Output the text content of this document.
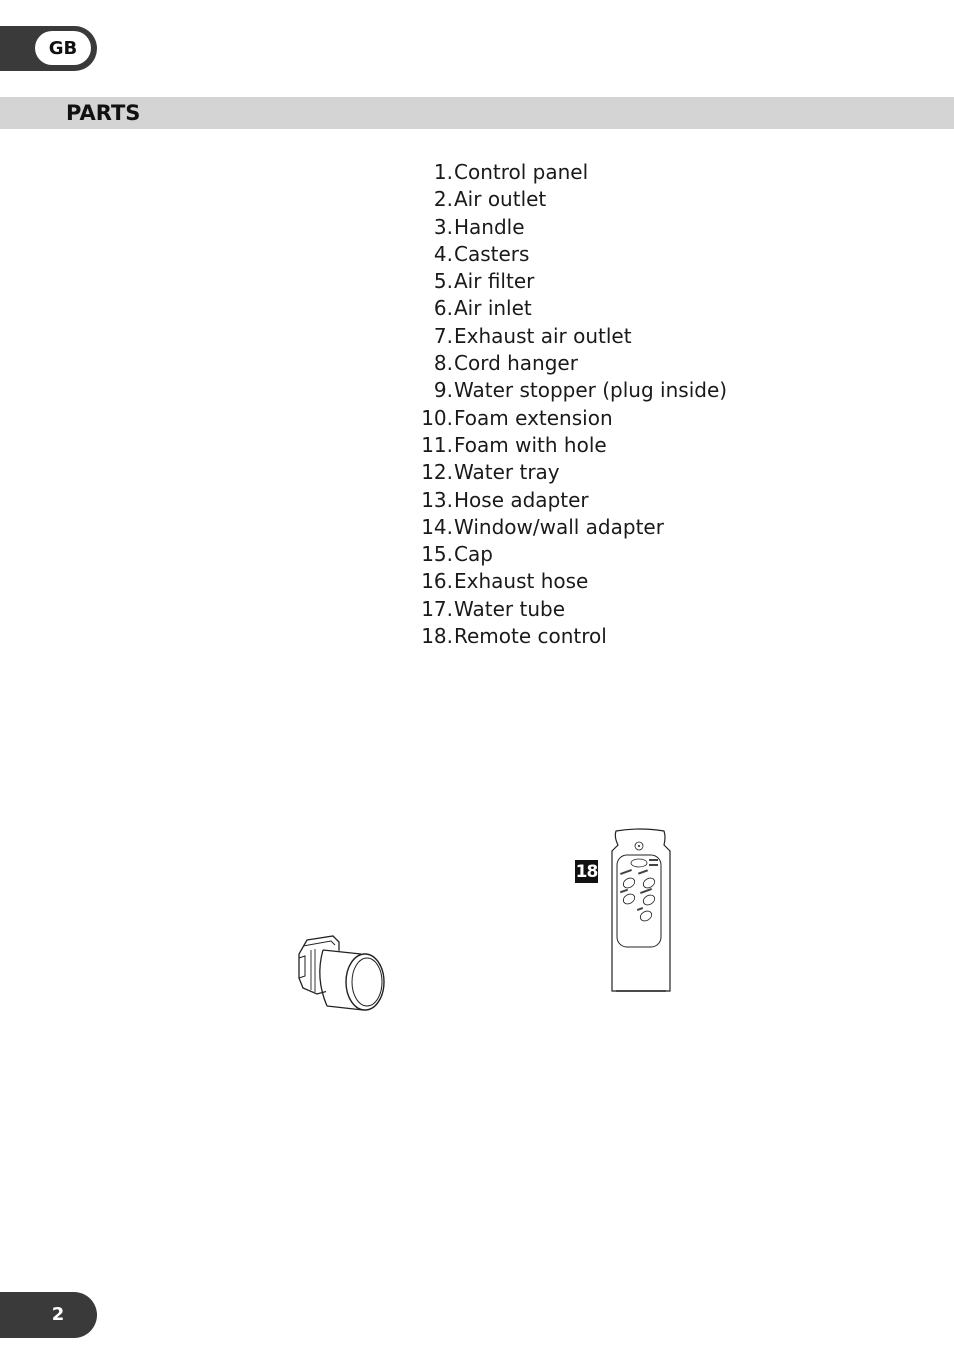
GB
PARTS
1. Control panel
2. Air outlet
3. Handle
4. Casters
5. Air filter
6. Air inlet
7. Exhaust air outlet
8. Cord hanger
9. Water stopper (plug inside)
10. Foam extension
11. Foam with hole
12. Water tray
13. Hose adapter
14. Window/wall adapter
15. Cap
16. Exhaust hose
17. Water tube
18. Remote control
18
2
